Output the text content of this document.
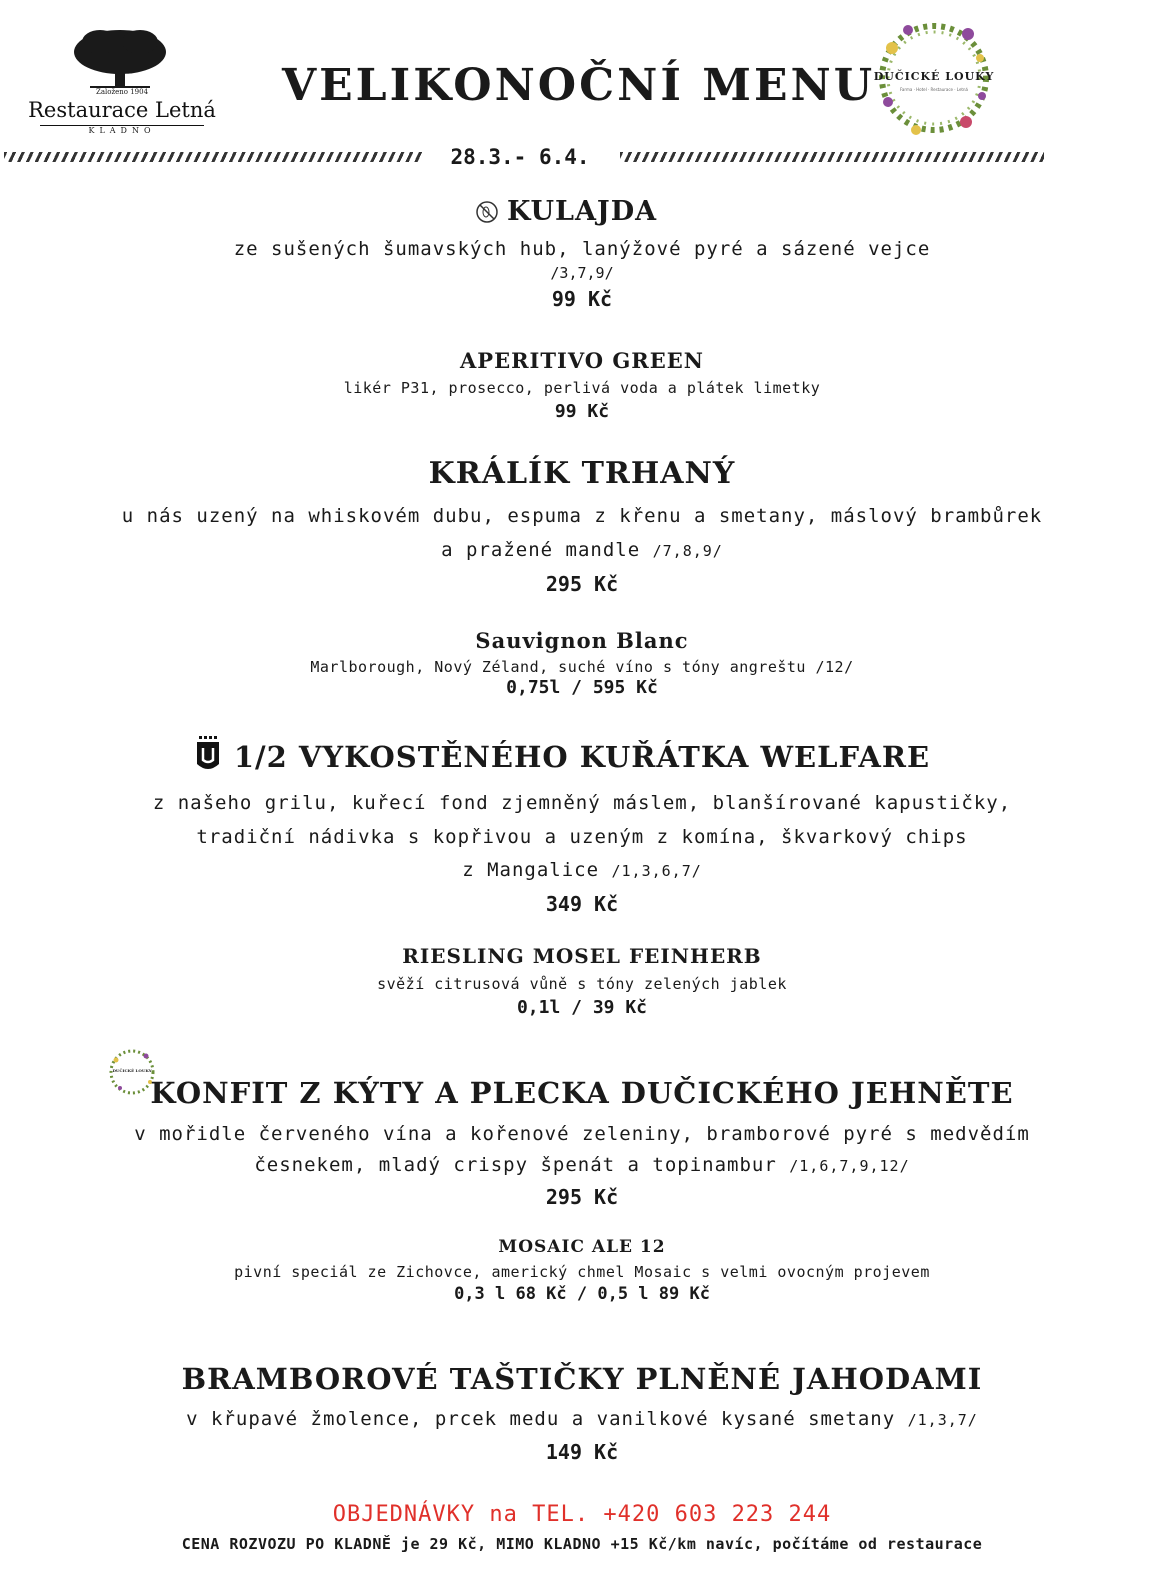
Založeno 1904
Restaurace Letná
KLADNO
VELIKONOČNÍ MENU
DUČICKÉ LOUKY
Farma · Hotel · Restaurace · Letná
28.3.- 6.4.
KULAJDA
ze sušených šumavských hub, lanýžové pyré a sázené vejce
/3,7,9/
99 Kč
APERITIVO GREEN
likér P31, prosecco, perlivá voda a plátek limetky
99 Kč
KRÁLÍK TRHANÝ
u nás uzený na whiskovém dubu, espuma z křenu a smetany, máslový brambůrek
a pražené mandle /7,8,9/
295 Kč
Sauvignon Blanc
Marlborough, Nový Zéland, suché víno s tóny angreštu /12/
0,75l / 595 Kč
1/2 VYKOSTĚNÉHO KUŘÁTKA WELFARE
z našeho grilu, kuřecí fond zjemněný máslem, blanšírované kapustičky,
tradiční nádivka s kopřivou a uzeným z komína, škvarkový chips
z Mangalice /1,3,6,7/
349 Kč
RIESLING MOSEL FEINHERB
svěží citrusová vůně s tóny zelených jablek
0,1l / 39 Kč
DUČICKÉ LOUKY
KONFIT Z KÝTY A PLECKA DUČICKÉHO JEHNĚTE
v mořidle červeného vína a kořenové zeleniny, bramborové pyré s medvědím
česnekem, mladý crispy špenát a topinambur /1,6,7,9,12/
295 Kč
MOSAIC ALE 12
pivní speciál ze Zichovce, americký chmel Mosaic s velmi ovocným projevem
0,3 l 68 Kč / 0,5 l 89 Kč
BRAMBOROVÉ TAŠTIČKY PLNĚNÉ JAHODAMI
v křupavé žmolence, prcek medu a vanilkové kysané smetany /1,3,7/
149 Kč
OBJEDNÁVKY na TEL. +420 603 223 244
CENA ROZVOZU PO KLADNĚ je 29 Kč, MIMO KLADNO +15 Kč/km navíc, počítáme od restaurace
